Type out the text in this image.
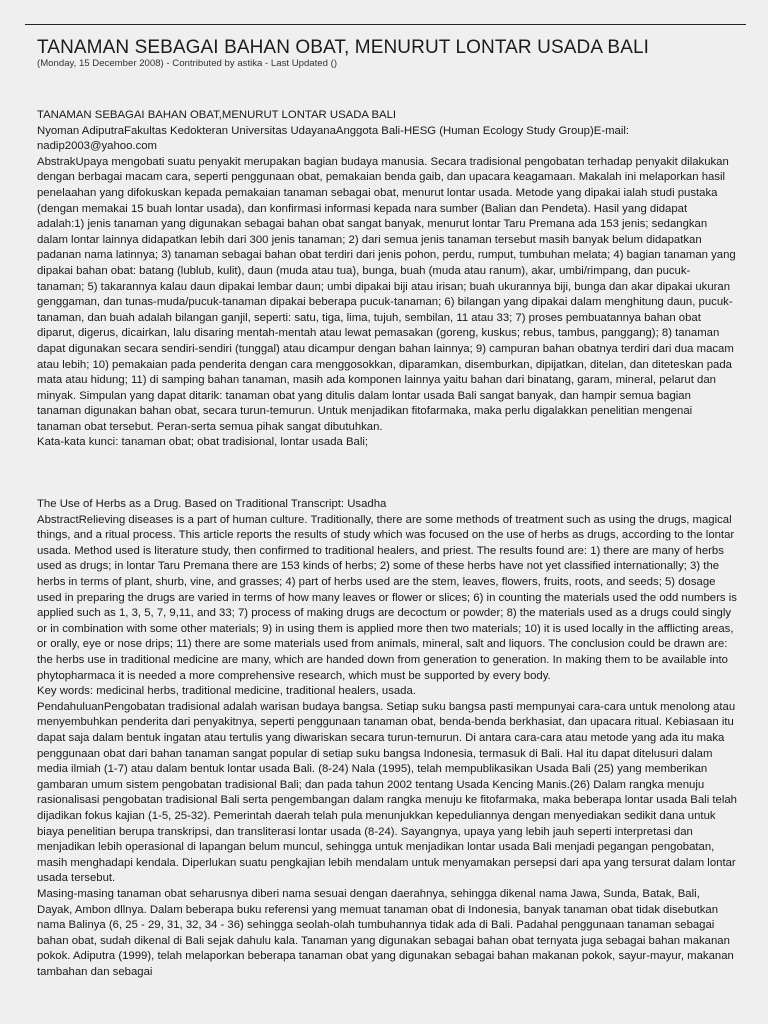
TANAMAN SEBAGAI BAHAN OBAT, MENURUT LONTAR USADA BALI
(Monday, 15 December 2008) - Contributed by astika - Last Updated ()

TANAMAN SEBAGAI BAHAN OBAT,MENURUT LONTAR USADA BALI

Nyoman AdiputraFakultas Kedokteran Universitas UdayanaAnggota Bali-HESG (Human Ecology Study Group)E-mail: nadip2003@yahoo.com

AbstrakUpaya mengobati suatu penyakit merupakan bagian budaya manusia. Secara tradisional pengobatan terhadap penyakit dilakukan dengan berbagai macam cara, seperti penggunaan obat, pemakaian benda gaib, dan upacara keagamaan. Makalah ini melaporkan hasil penelaahan yang difokuskan kepada pemakaian tanaman sebagai obat, menurut lontar usada. Metode yang dipakai ialah studi pustaka (dengan memakai 15 buah lontar usada), dan konfirmasi informasi kepada nara sumber (Balian dan Pendeta). Hasil yang didapat adalah:1) jenis tanaman yang digunakan sebagai bahan obat sangat banyak, menurut lontar Taru Premana ada 153 jenis; sedangkan dalam lontar lainnya didapatkan lebih dari 300 jenis tanaman; 2) dari semua jenis tanaman tersebut masih banyak belum didapatkan padanan nama latinnya; 3) tanaman sebagai bahan obat terdiri dari jenis pohon, perdu, rumput, tumbuhan melata; 4) bagian tanaman yang dipakai bahan obat: batang (lublub, kulit), daun (muda atau tua), bunga, buah (muda atau ranum), akar, umbi/rimpang, dan pucuk-tanaman; 5) takarannya kalau daun dipakai lembar daun; umbi dipakai biji atau irisan; buah ukurannya biji, bunga dan akar dipakai ukuran genggaman, dan tunas-muda/pucuk-tanaman dipakai beberapa pucuk-tanaman; 6) bilangan yang dipakai dalam menghitung daun, pucuk-tanaman, dan buah adalah bilangan ganjil, seperti: satu, tiga, lima, tujuh, sembilan, 11 atau 33; 7) proses pembuatannya bahan obat diparut, digerus, dicairkan, lalu disaring mentah-mentah atau lewat pemasakan (goreng, kuskus; rebus, tambus, panggang); 8) tanaman dapat digunakan secara sendiri-sendiri (tunggal) atau dicampur dengan bahan lainnya; 9) campuran bahan obatnya terdiri dari dua macam atau lebih; 10) pemakaian pada penderita dengan cara menggosokkan, diparamkan, disemburkan, dipijatkan, ditelan, dan diteteskan pada mata atau hidung; 11) di samping bahan tanaman, masih ada komponen lainnya yaitu bahan dari binatang, garam, mineral, pelarut dan minyak. Simpulan yang dapat ditarik: tanaman obat yang ditulis dalam lontar usada Bali sangat banyak, dan hampir semua bagian tanaman digunakan bahan obat, secara turun-temurun. Untuk menjadikan fitofarmaka, maka perlu digalakkan penelitian mengenai tanaman obat tersebut. Peran-serta semua pihak sangat dibutuhkan.

Kata-kata kunci: tanaman obat; obat tradisional, lontar usada Bali;

The Use of Herbs as a Drug. Based on Traditional Transcript: Usadha

AbstractRelieving diseases is a part of human culture. Traditionally, there are some methods of treatment such as using the drugs, magical things, and a ritual process. This article reports the results of study which was focused on the use of herbs as drugs, according to the lontar usada. Method used is literature study, then confirmed to traditional healers, and priest. The results found are: 1) there are many of herbs used as drugs; in lontar Taru Premana there are 153 kinds of herbs; 2) some of these herbs have not yet classified internationally; 3) the herbs in terms of plant, shurb, vine, and grasses; 4) part of herbs used are the stem, leaves, flowers, fruits, roots, and seeds; 5) dosage used in preparing the drugs are varied in terms of how many leaves or flower or slices; 6) in counting the materials used the odd numbers is applied such as 1, 3, 5, 7, 9,11, and 33; 7) process of making drugs are decoctum or powder; 8) the materials used as a drugs could singly or in combination with some other materials; 9) in using them is applied more then two materials; 10) it is used locally in the afflicting areas, or orally, eye or nose drips; 11) there are some materials used from animals, mineral, salt and liquors. The conclusion could be drawn are: the herbs use in traditional medicine are many, which are handed down from generation to generation. In making them to be available into phytopharmaca it is needed a more comprehensive research, which must be supported by every body.

Key words: medicinal herbs, traditional medicine, traditional healers, usada.

PendahuluanPengobatan tradisional adalah warisan budaya bangsa. Setiap suku bangsa pasti mempunyai cara-cara untuk menolong atau menyembuhkan penderita dari penyakitnya, seperti penggunaan tanaman obat, benda-benda berkhasiat, dan upacara ritual. Kebiasaan itu dapat saja dalam bentuk ingatan atau tertulis yang diwariskan secara turun-temurun. Di antara cara-cara atau metode yang ada itu maka penggunaan obat dari bahan tanaman sangat popular di setiap suku bangsa Indonesia, termasuk di Bali. Hal itu dapat ditelusuri dalam media ilmiah (1-7) atau dalam bentuk lontar usada Bali. (8-24) Nala (1995), telah mempublikasikan Usada Bali (25) yang memberikan gambaran umum sistem pengobatan tradisional Bali; dan pada tahun 2002 tentang Usada Kencing Manis.(26) Dalam rangka menuju rasionalisasi pengobatan tradisional Bali serta pengembangan dalam rangka menuju ke fitofarmaka, maka beberapa lontar usada Bali telah dijadikan fokus kajian (1-5, 25-32). Pemerintah daerah telah pula menunjukkan kepeduliannya dengan menyediakan sedikit dana untuk biaya penelitian berupa transkripsi, dan transliterasi lontar usada (8-24). Sayangnya, upaya yang lebih jauh seperti interpretasi dan menjadikan lebih operasional di lapangan belum muncul, sehingga untuk menjadikan lontar usada Bali menjadi pegangan pengobatan, masih menghadapi kendala. Diperlukan suatu pengkajian lebih mendalam untuk menyamakan persepsi dari apa yang tersurat dalam lontar usada tersebut.

Masing-masing tanaman obat seharusnya diberi nama sesuai dengan daerahnya, sehingga dikenal nama Jawa, Sunda, Batak, Bali, Dayak, Ambon dllnya. Dalam beberapa buku referensi yang memuat tanaman obat di Indonesia, banyak tanaman obat tidak disebutkan nama Balinya (6, 25 - 29, 31, 32, 34 - 36) sehingga seolah-olah tumbuhannya tidak ada di Bali. Padahal penggunaan tanaman sebagai bahan obat, sudah dikenal di Bali sejak dahulu kala. Tanaman yang digunakan sebagai bahan obat ternyata juga sebagai bahan makanan pokok. Adiputra (1999), telah melaporkan beberapa tanaman obat yang digunakan sebagai bahan makanan pokok, sayur-mayur, makanan tambahan dan sebagai
